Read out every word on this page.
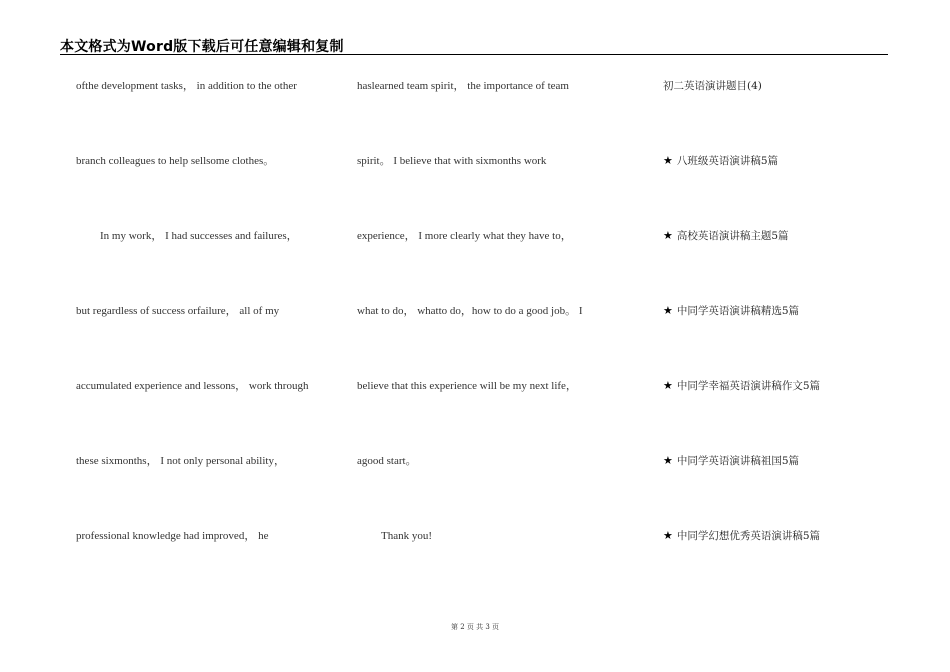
本文格式为Word版下载后可任意编辑和复制
ofthe development tasks， in addition to the other
branch colleagues to help sellsome clothes。
In my work， I had successes and failures，
but regardless of success orfailure， all of my
accumulated experience and lessons， work through
these sixmonths， I not only personal ability，
professional knowledge had improved， he
haslearned team spirit， the importance of team
spirit。 I believe that with sixmonths work
experience， I more clearly what they have to，
what to do， whatto do，how to do a good job。 I
believe that this experience will be my next life，
agood start。
Thank you!
初二英语演讲题目(4)
★ 八班级英语演讲稿5篇
★ 高校英语演讲稿主题5篇
★ 中同学英语演讲稿精选5篇
★ 中同学幸福英语演讲稿作文5篇
★ 中同学英语演讲稿祖国5篇
★ 中同学幻想优秀英语演讲稿5篇
第 2 页 共 3 页
